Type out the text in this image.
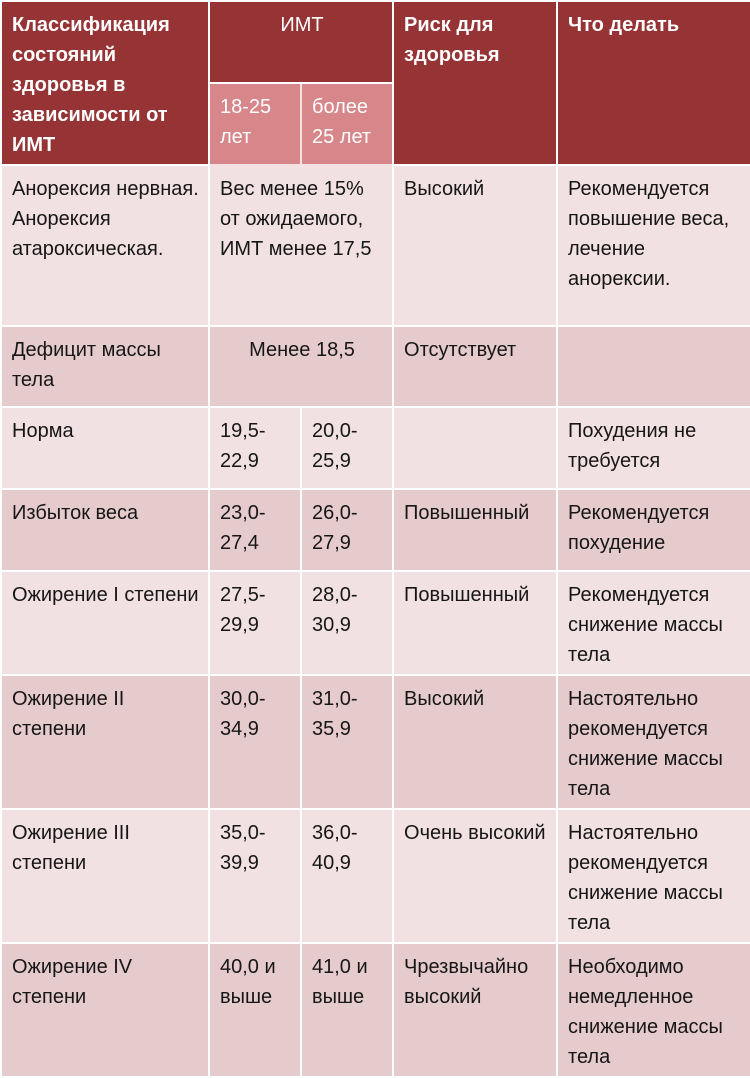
Классификация состояний здоровья в зависимости от ИМТ	ИМТ		Риск для здоровья	Что делать
	18-25 лет	более 25 лет		
Анорексия нервная. Анорексия атароксическая.	Вес менее 15% от ожидаемого, ИМТ менее 17,5		Высокий	Рекомендуется повышение веса, лечение анорексии.
Дефицит массы тела	Менее 18,5		Отсутствует	
Норма	19,5-22,9	20,0-25,9		Похудения не требуется
Избыток веса	23,0-27,4	26,0-27,9	Повышенный	Рекомендуется похудение
Ожирение I степени	27,5-29,9	28,0-30,9	Повышенный	Рекомендуется снижение массы тела
Ожирение II степени	30,0-34,9	31,0-35,9	Высокий	Настоятельно рекомендуется снижение массы тела
Ожирение III степени	35,0-39,9	36,0-40,9	Очень высокий	Настоятельно рекомендуется снижение массы тела
Ожирение IV степени	40,0 и выше	41,0 и выше	Чрезвычайно высокий	Необходимо немедленное снижение массы тела
